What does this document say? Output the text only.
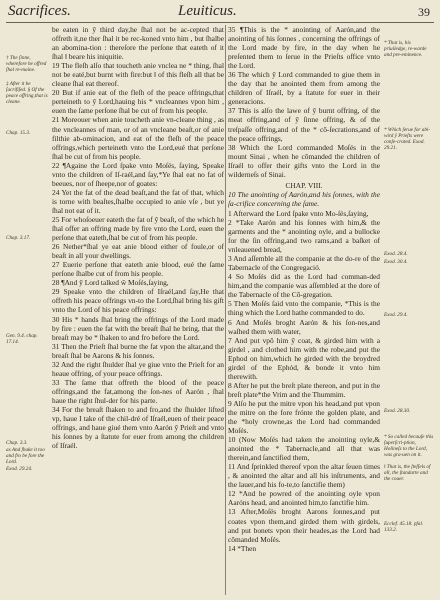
Sacrifices.	Leuiticus.	39

be eaten in ỹ third day,he ſhal not be ac-cepted that offreth it,ne ther ſhal it be rec-koned vnto him , but ſhalbe an abomina-tion : thereſore the perſone that eateth of it ſhal ‖ beare his iniquitie.

19 The fleſh alſo that toucheth anie vnclea ne * thing, ſhal not be eaté,but burnt with fire:but ‖ of this fleſh all that be cleane ſhal eat thereof.

20 But if anie eat of the fleſh of the peace offrings,that perteineth to ỹ Lord,hauing his * vncleannes vpon him , euen the ſame perſone ſhal be cut of from his people.

21 Moreouer when anie toucheth anie vn-cleane thing , as the vncleannes of man, or of an vncleane beaſt,or of anie filthie ab-ominacion, and eat of the fleſh of the peace offrings,which perteineth vnto the Lord,eué that perſone ſhal be cut of from his people.

22 ¶Againe the Lord ſpake vnto Moſés, ſaying, Speake vnto the children of Iſ-raél,and ſay,*Ye ſhal eat no fat of beeues, nor of ſheepe,nor of goates:

24 Yet the fat of the dead beaſt,and the fat of that, which is torne with beaſtes,ſhalbe occupied to anie vſe , but ye ſhal not eat of it.

25 For whoſoeuer eateth the fat of ỹ beaſt, of the which he ſhal offer an offring made by fire vnto the Lord, euen the perſone that eateth,ſhal be cut of from his people.

26 Nether*ſhal ye eat anie blood either of foule,or of beaſt in all your dwellings.

27 Euerie perſone that eateth anie blood, eué the ſame perſone ſhalbe cut of from his people.

28 ¶And ỹ Lord talked ŵ Moſés,ſaying,

29 Speake vnto the children of Iſraél,and ſay,He that offreth his peace offrings vn-to the Lord,ſhal bring his gift vnto the Lord of his peace offrings:

30 His * hands ſhal bring the offrings of the Lord made by fire : euen the fat with the breaſt ſhal he bring, that the breaſt may be * ſhaken to and fro before the Lord.

31 Then the Prieſt ſhal burne the fat vpon the altar,and the breaſt ſhal be Aarons & his ſonnes.

32 And the right ſhulder ſhal ye giue vnto the Prieſt for an heaue offring, of your peace offrings.

33 The ſame that offreth the blood of the peace offrings,and the fat,among the ſon-nes of Aarón , ſhal haue the right ſhul-der for his parte.

34 For the breaſt ſhaken to and fro,and the ſhulder lifted vp, haue I take of the chil-dré of Iſraél,euen of their peace offrings, and haue giué them vnto Aarón ỹ Prieſt and vnto his ſonnes by a ſtatute for euer from among the children of Iſraél.

35 ¶This is the * anointing of Aarón,and the anointing of his ſonnes , concerning the offrings of the Lord made by fire, in the day when he preſented them to ſerue in the Prieſts office vnto the Lord.

36 The which ỹ Lord commanded to giue them in the day that he anointed them from among the children of Iſraél, by a ſtatute for euer in their generacions.

37 This is alſo the lawe of ỹ burnt offring, of the meat offring,and of ỹ ſinne offring, & of the treſpaſſe offring,and of the * cō-ſecrations,and of the peace offrings,

38 Which the Lord commanded Moſés in the mount Sinai , when he cōmanded the children of Iſraél to offer their gifts vnto the Lord in the wilderneſs of Sinai.

CHAP. VIII.

10 The anointing of Aarón,and his ſonnes, with the ſa-crifice concerning the ſame.

1 Afterward the Lord ſpake vnto Mo-ſés,ſaying,

2 *Take Aarón and his ſonnes with him,& the garments and the * anointing oyle, and a bullocke for the ſin offring,and two rams,and a baſket of vnleauened bread,

3 And aſſemble all the companie at the do-re of the Tabernacle of the Congregació.

4 So Moſés did as the Lord had comman-ded him,and the companie was aſſembled at the dore of the Tabernacle of the Cō-gregation.

5 Then Moſés ſaid vnto the companie, *This is the thing which the Lord hathe commanded to do.

6 And Moſés broght Aarón & his ſon-nes,and waſhed them with water,

7 And put vpō him ỹ coat, & girded him with a girdel , and clothed him with the robe,and put the Ephod on him,which he girded with the broydred girdel of the Ephód, & bonde it vnto him therewith.

8 After he put the breſt plate thereon, and put in the breſt plate*the Vrim and the Thummim.

9 Alſo he put the mitre vpon his head,and put vpon the mitre on the fore frónte the golden plate, and the *holy crowne,as the Lord had commanded Moſés.

10 (Now Moſés had taken the anointing oyle,& anointed the * Tabernacle,and all that was therein,and ſanctified them,

11 And ſprinkled thereof vpon the altar ſeuen times , & anointed the altar and all his inſtruments, and the lauer,and his fo-te,to ſanctifie them)

12 *And he powred of the anointing oyle vpon Aaróns head, and anointed him,to ſanctifie him.

13 After,Moſés broght Aarons ſonnes,and put coates vpon them,and girded them with girdels, and put bonets vpon their heades,as the Lord had cōmanded Moſés.

14 *Then

† The ſinne, wherefore he offred ſhal re-maine.
‡ After it be ſacrifiſed. § Of the peace offring,that is cleane.
Chap. 15.3.
Chap. 3.17.
Gen. 9.4. chap. 17.14.
Chap. 3.3.
as And ſhake it too and fro be fore the Lord.
Exod. 29.24.
* That is, his priuiledge, re-warde and pre-eminence.
* Which ſerue for abi-wird ỹ Prieſts were conſe-crated. Exod. 29.21.
Exod. 28.4.
Exod. 30.4.
Exod. 29.4.
Exod. 28.30.
* So called becauſe this ſuperſcri-ption, Holineſs to the Lord, was gra-uen on it.
‖ That is, the ſteſſels of all, the ſtandarte and the couer.
Ecclef. 45.18. pfal. 133.2.
